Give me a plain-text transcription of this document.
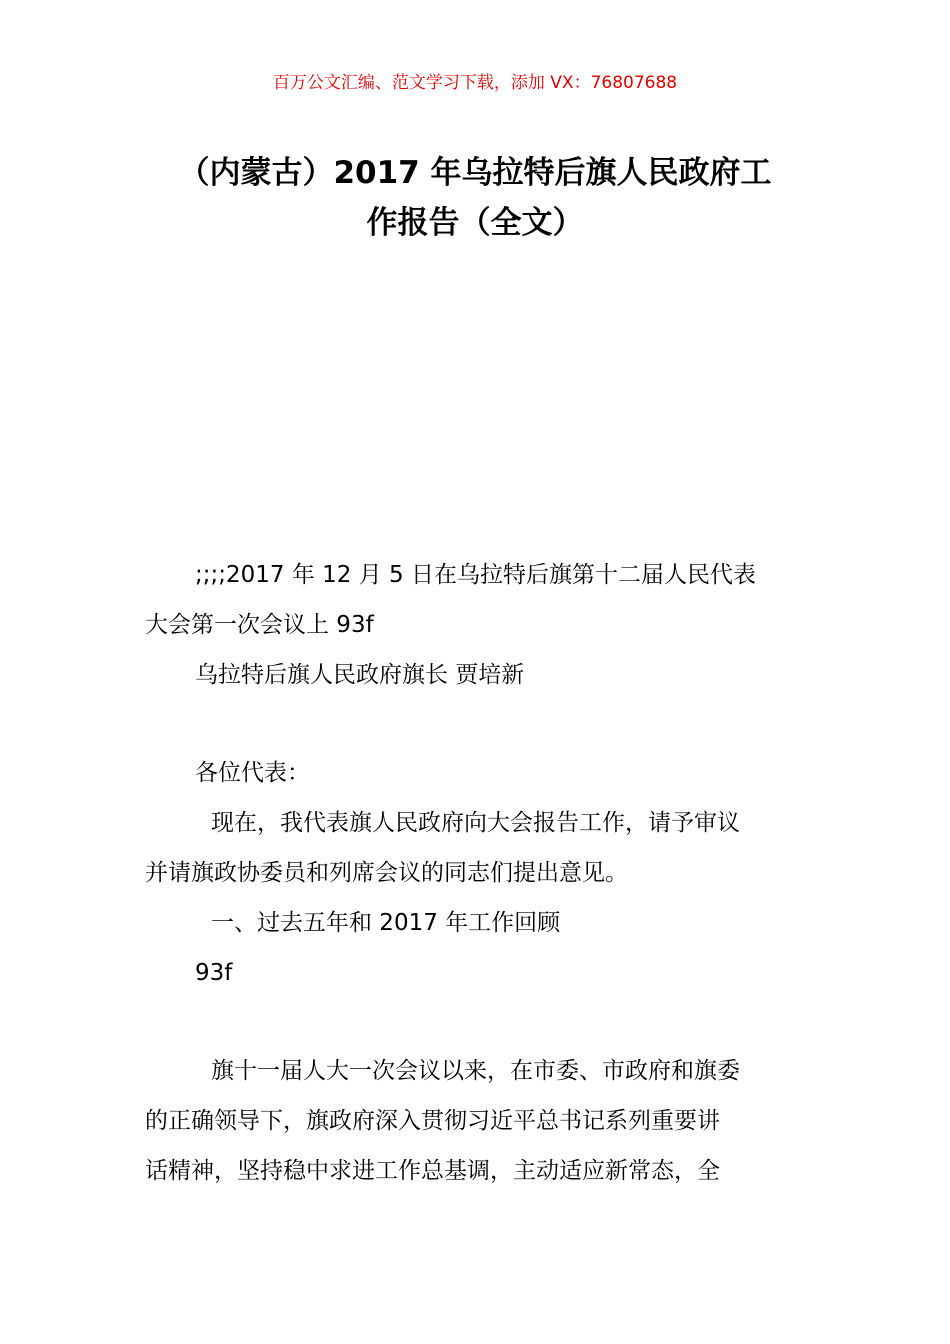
百万公文汇编、范文学习下载，添加 VX：76807688
（内蒙古）2017 年乌拉特后旗人民政府工
作报告（全文）

;;;;2017 年 12 月 5 日在乌拉特后旗第十二届人民代表

大会第一次会议上 93f

乌拉特后旗人民政府旗长 贾培新

各位代表：

现在，我代表旗人民政府向大会报告工作，请予审议

并请旗政协委员和列席会议的同志们提出意见。

一、过去五年和 2017 年工作回顾

93f

旗十一届人大一次会议以来，在市委、市政府和旗委

的正确领导下，旗政府深入贯彻习近平总书记系列重要讲

话精神，坚持稳中求进工作总基调，主动适应新常态，全
